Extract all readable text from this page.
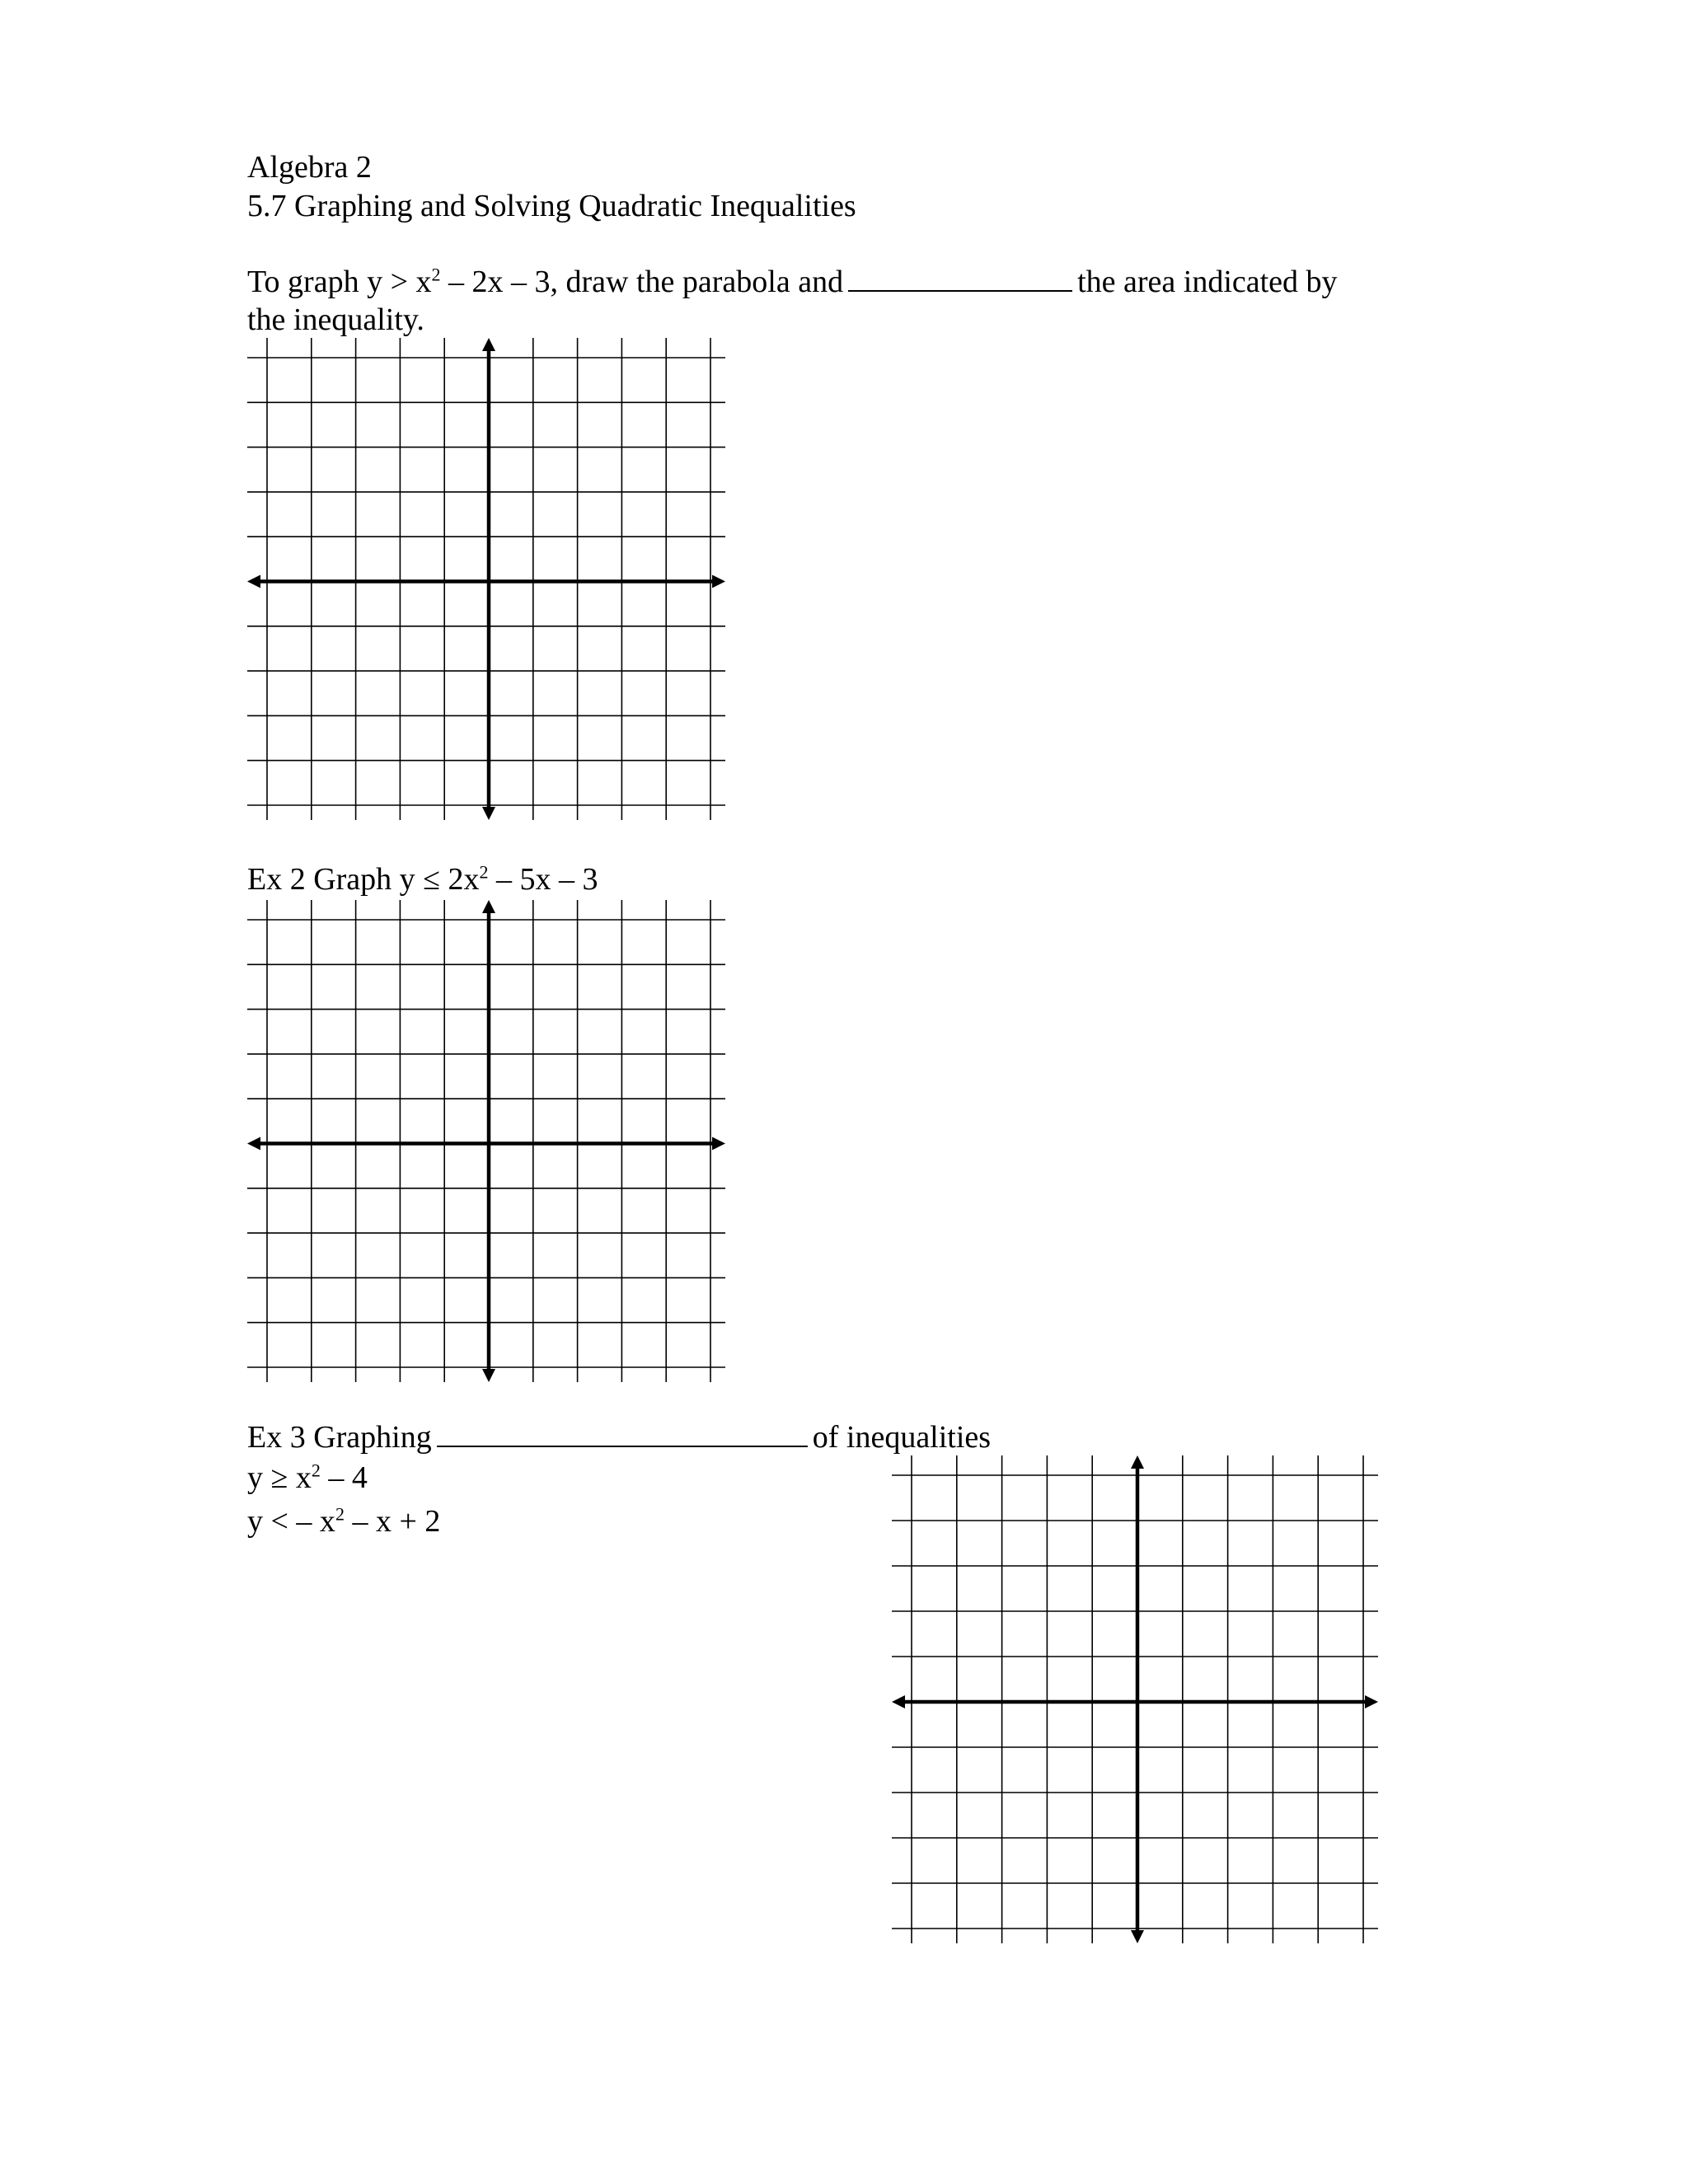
Algebra 2
5.7 Graphing and Solving Quadratic Inequalities
To graph $y > x^2 - 2x - 3$, draw the parabola and	the area indicated by
the inequality.
Ex 2 Graph $y \le 2x^2 - 5x - 3$
Ex 3 Graphing	of inequalities
$y \ge x^2 - 4$
y < – $x^2 - x + 2$
